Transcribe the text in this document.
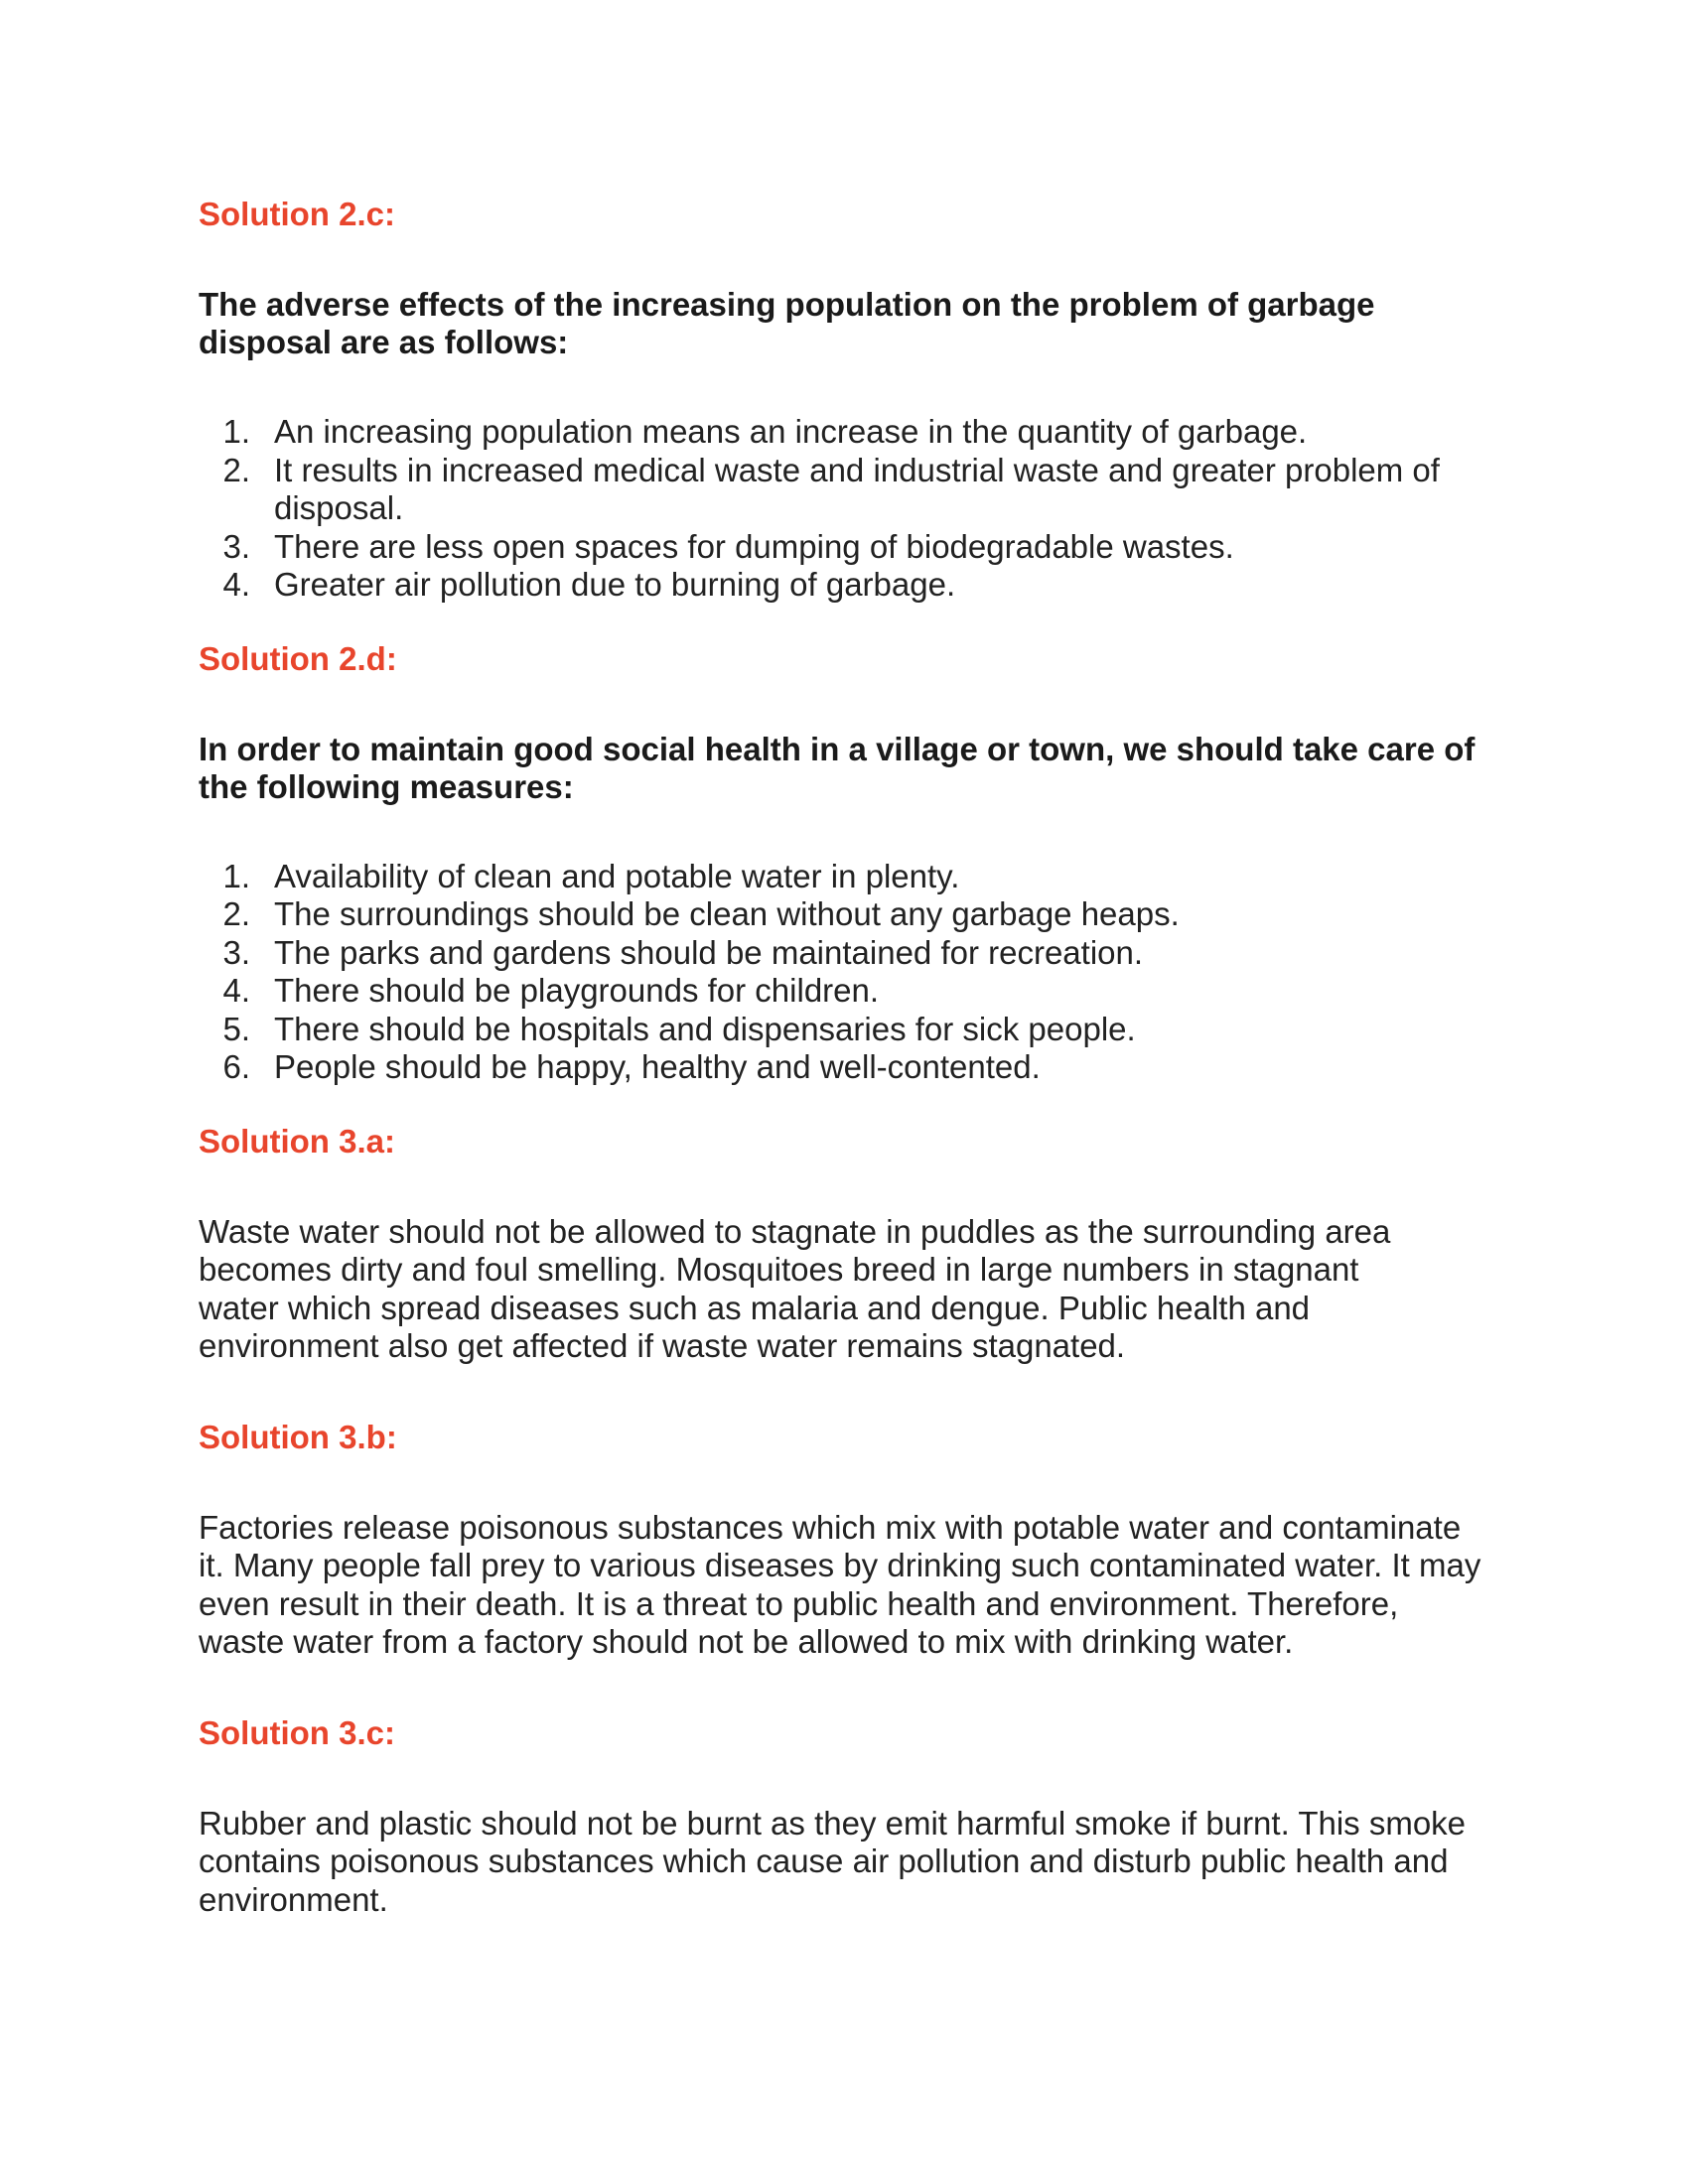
Solution 2.c:

The adverse effects of the increasing population on the problem of garbage disposal are as follows:

1. An increasing population means an increase in the quantity of garbage.
2. It results in increased medical waste and industrial waste and greater problem of disposal.
3. There are less open spaces for dumping of biodegradable wastes.
4. Greater air pollution due to burning of garbage.
Solution 2.d:

In order to maintain good social health in a village or town, we should take care of the following measures:

1. Availability of clean and potable water in plenty.
2. The surroundings should be clean without any garbage heaps.
3. The parks and gardens should be maintained for recreation.
4. There should be playgrounds for children.
5. There should be hospitals and dispensaries for sick people.
6. People should be happy, healthy and well-contented.
Solution 3.a:

Waste water should not be allowed to stagnate in puddles as the surrounding area becomes dirty and foul smelling. Mosquitoes breed in large numbers in stagnant water which spread diseases such as malaria and dengue. Public health and environment also get affected if waste water remains stagnated.

Solution 3.b:

Factories release poisonous substances which mix with potable water and contaminate it. Many people fall prey to various diseases by drinking such contaminated water. It may even result in their death. It is a threat to public health and environment. Therefore, waste water from a factory should not be allowed to mix with drinking water.

Solution 3.c:

Rubber and plastic should not be burnt as they emit harmful smoke if burnt. This smoke contains poisonous substances which cause air pollution and disturb public health and environment.
